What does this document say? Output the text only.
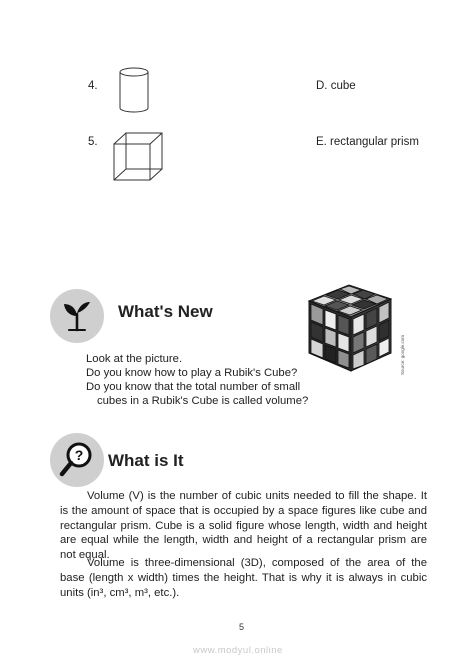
4.	D. cube
5.	E. rectangular prism
What's New
Look at the picture.
Do you know how to play a Rubik's Cube?
Do you know that the total number of small
cubes in a Rubik's Cube is called volume?
Source: google.com
? What is It
Volume (V) is the number of cubic units needed to fill the shape. It is the amount of space that is occupied by a space figures like cube and rectangular prism. Cube is a solid figure whose length, width and height are equal while the length, width and height of a rectangular prism are not equal.
Volume is three-dimensional (3D), composed of the area of the base (length x width) times the height. That is why it is always in cubic units (in³, cm³, m³, etc.).
5
www.modyul.online
